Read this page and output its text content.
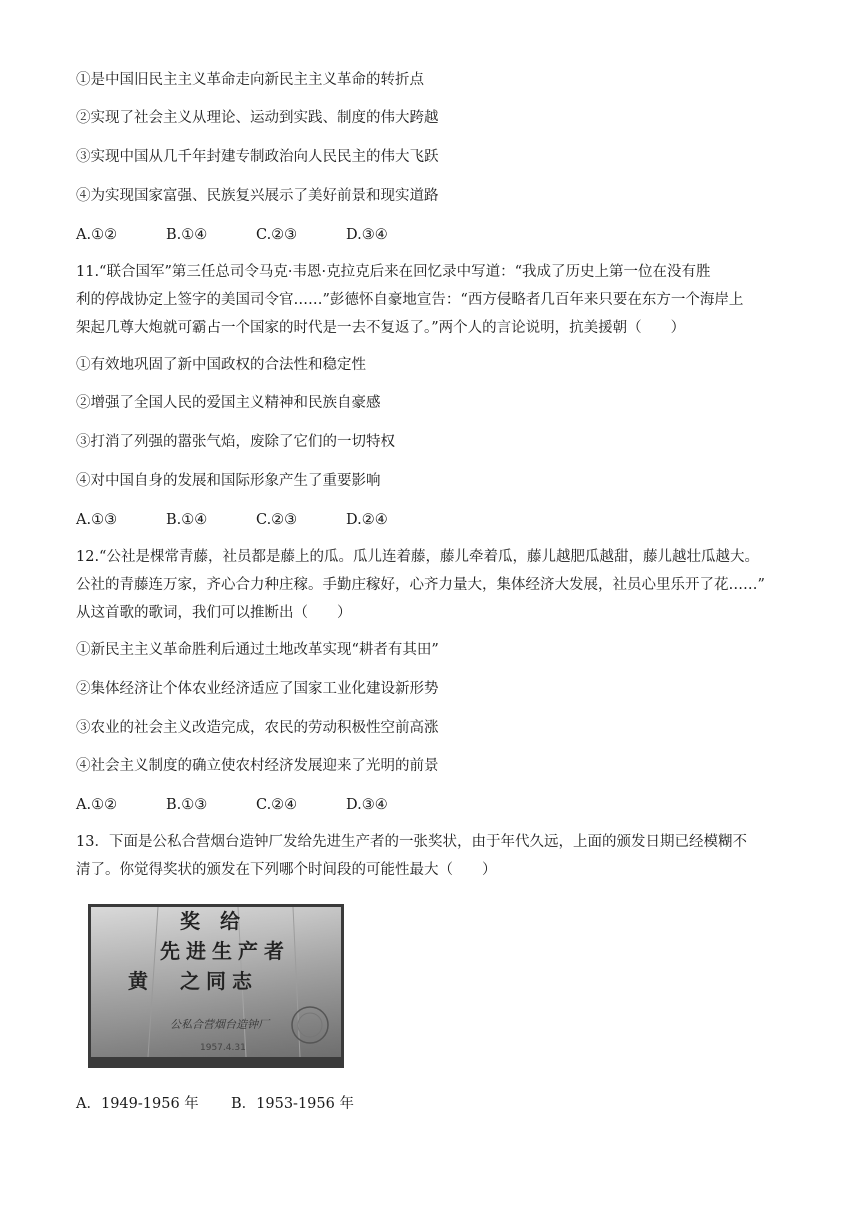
①是中国旧民主主义革命走向新民主主义革命的转折点
②实现了社会主义从理论、运动到实践、制度的伟大跨越
③实现中国从几千年封建专制政治向人民民主的伟大飞跃
④为实现国家富强、民族复兴展示了美好前景和现实道路
A.①②	B.①④	C.②③	D.③④
11.“联合国军”第三任总司令马克·韦恩·克拉克后来在回忆录中写道：“我成了历史上第一位在没有胜
利的停战协定上签字的美国司令官……”彭德怀自豪地宣告：“西方侵略者几百年来只要在东方一个海岸上
架起几尊大炮就可霸占一个国家的时代是一去不复返了。”两个人的言论说明，抗美援朝（　　）
①有效地巩固了新中国政权的合法性和稳定性
②增强了全国人民的爱国主义精神和民族自豪感
③打消了列强的嚣张气焰，废除了它们的一切特权
④对中国自身的发展和国际形象产生了重要影响
A.①③	B.①④	C.②③	D.②④
12.“公社是棵常青藤，社员都是藤上的瓜。瓜儿连着藤，藤儿牵着瓜，藤儿越肥瓜越甜，藤儿越壮瓜越大。
公社的青藤连万家，齐心合力种庄稼。手勤庄稼好，心齐力量大，集体经济大发展，社员心里乐开了花……”
从这首歌的歌词，我们可以推断出（　　）
①新民主主义革命胜利后通过土地改革实现“耕者有其田”
②集体经济让个体农业经济适应了国家工业化建设新形势
③农业的社会主义改造完成，农民的劳动积极性空前高涨
④社会主义制度的确立使农村经济发展迎来了光明的前景
A.①②	B.①③	C.②④	D.③④
13．下面是公私合营烟台造钟厂发给先进生产者的一张奖状，由于年代久远，上面的颁发日期已经模糊不
清了。你觉得奖状的颁发在下列哪个时间段的可能性最大（　　）
奖　给
先进生产者
黄　之同志
公私合营烟台造钟厂
1957.4.31
A．1949-1956 年 B．1953-1956 年
